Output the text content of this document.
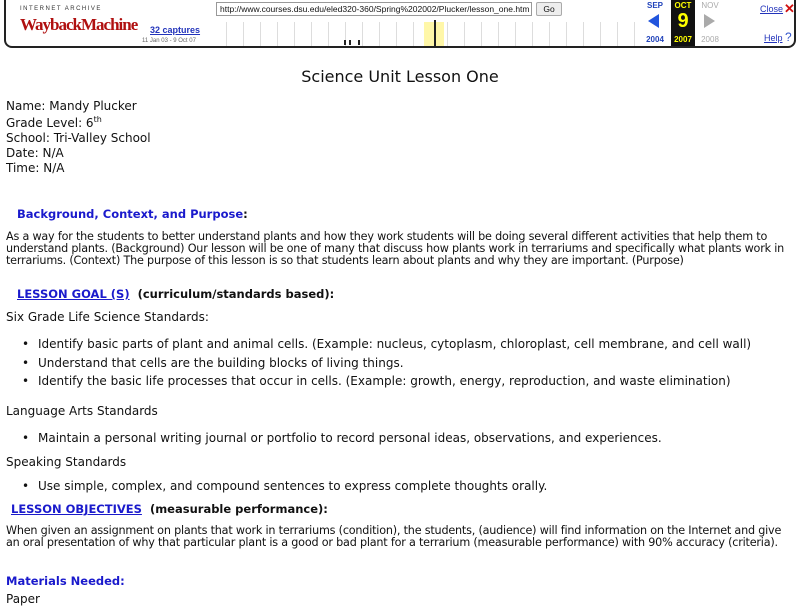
INTERNET ARCHIVE
WaybackMachine
http://www.courses.dsu.edu/eled320-360/Spring%202002/Plucker/lesson_one.htm	Go
32 captures
11 Jan 03 - 9 Oct 07
SEP
2004
OCT
9
2007
NOV
2008
Close ✕
Help ?
Science Unit Lesson One
Name: Mandy Plucker
Grade Level: 6th
School: Tri-Valley School
Date: N/A
Time: N/A
Background, Context, and Purpose:
As a way for the students to better understand plants and how they work students will be doing several different activities that help them to understand plants. (Background) Our lesson will be one of many that discuss how plants work in terrariums and specifically what plants work in terrariums. (Context) The purpose of this lesson is so that students learn about plants and why they are important. (Purpose)
LESSON GOAL (S) (curriculum/standards based):
Six Grade Life Science Standards:
• Identify basic parts of plant and animal cells. (Example: nucleus, cytoplasm, chloroplast, cell membrane, and cell wall)
• Understand that cells are the building blocks of living things.
• Identify the basic life processes that occur in cells. (Example: growth, energy, reproduction, and waste elimination)
Language Arts Standards
• Maintain a personal writing journal or portfolio to record personal ideas, observations, and experiences.
Speaking Standards
• Use simple, complex, and compound sentences to express complete thoughts orally.
LESSON OBJECTIVES (measurable performance):
When given an assignment on plants that work in terrariums (condition), the students, (audience) will find information on the Internet and give an oral presentation of why that particular plant is a good or bad plant for a terrarium (measurable performance) with 90% accuracy (criteria).
Materials Needed:
Paper
